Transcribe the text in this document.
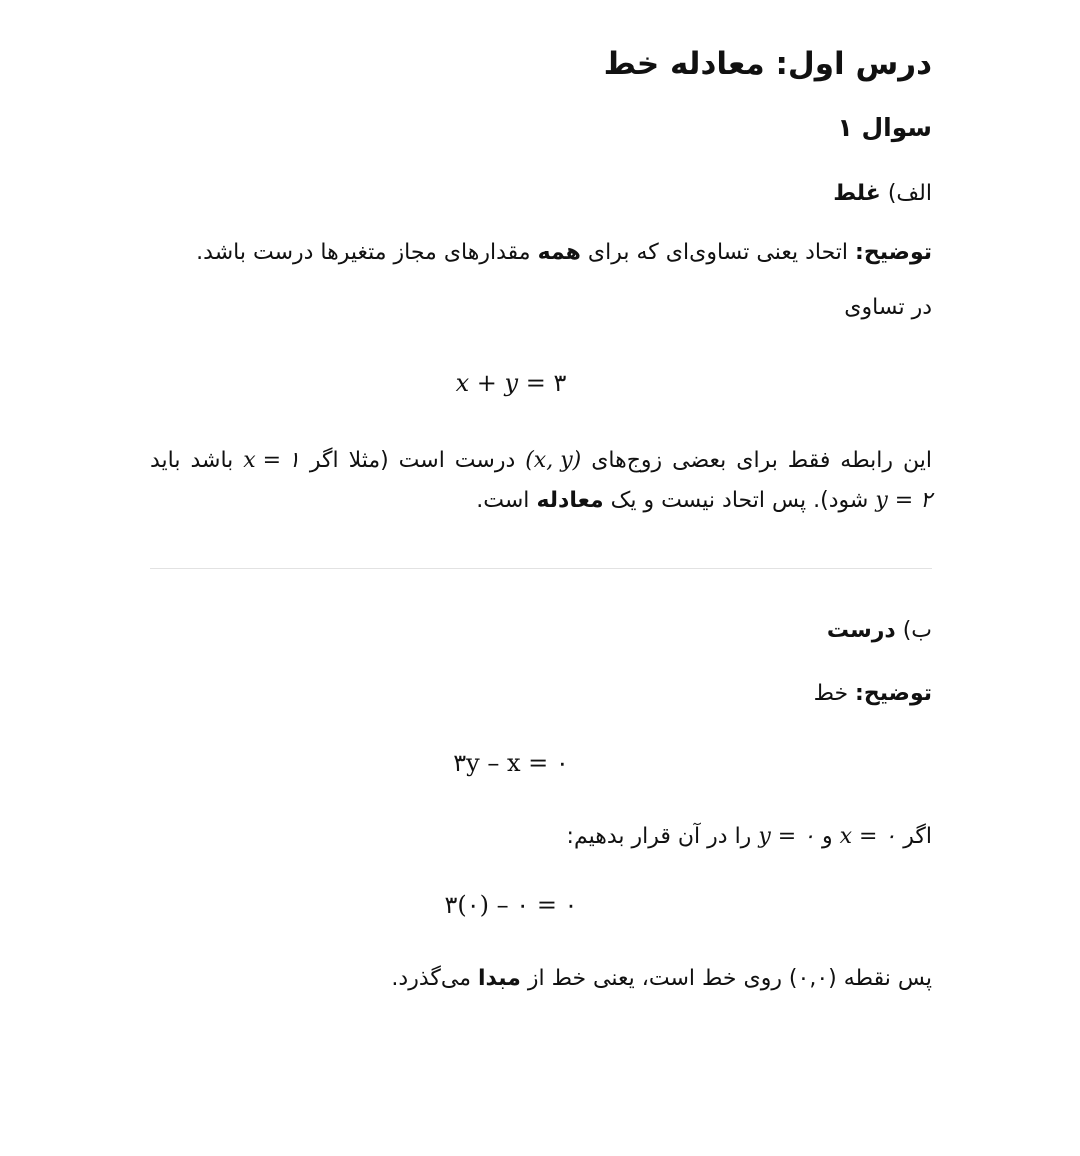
درس اول: معادله خط
سوال ۱

الف) غلط

توضیح: اتحاد یعنی تساوی‌ای که برای همه مقدارهای مجاز متغیرها درست باشد.

در تساوی

x + y = ۳

این رابطه فقط برای بعضی زوج‌های (x, y) درست است (مثلا اگر x = ۱ باشد باید y = ۲ شود). پس اتحاد نیست و یک معادله است.

ب) درست

توضیح: خط

۳y – x = ۰

اگر x = ۰ و y = ۰ را در آن قرار بدهیم:

۳(۰) – ۰ = ۰

پس نقطه (۰,۰) روی خط است، یعنی خط از مبدا می‌گذرد.
